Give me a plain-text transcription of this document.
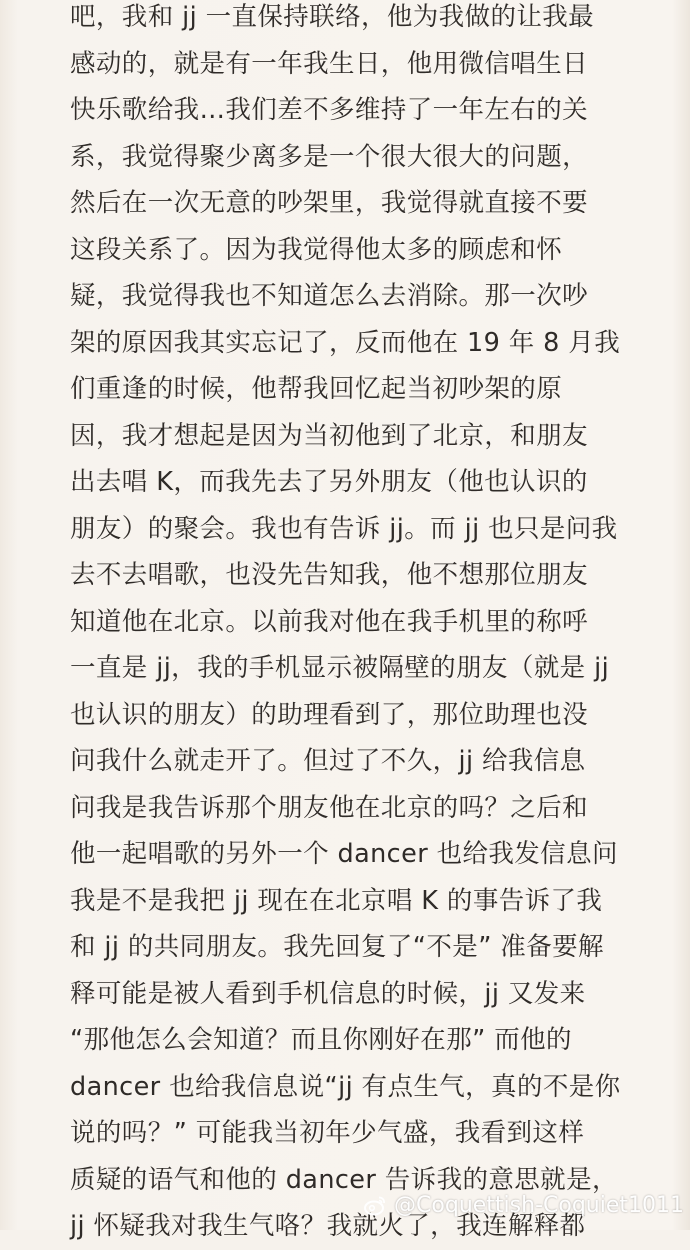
吧，我和 jj 一直保持联络，他为我做的让我最
感动的，就是有一年我生日，他用微信唱生日
快乐歌给我…我们差不多维持了一年左右的关
系，我觉得聚少离多是一个很大很大的问题，
然后在一次无意的吵架里，我觉得就直接不要
这段关系了。因为我觉得他太多的顾虑和怀
疑，我觉得我也不知道怎么去消除。那一次吵
架的原因我其实忘记了，反而他在 19 年 8 月我
们重逢的时候，他帮我回忆起当初吵架的原
因，我才想起是因为当初他到了北京，和朋友
出去唱 K，而我先去了另外朋友（他也认识的
朋友）的聚会。我也有告诉 jj。而 jj 也只是问我
去不去唱歌，也没先告知我，他不想那位朋友
知道他在北京。以前我对他在我手机里的称呼
一直是 jj，我的手机显示被隔壁的朋友（就是 jj
也认识的朋友）的助理看到了，那位助理也没
问我什么就走开了。但过了不久，jj 给我信息
问我是我告诉那个朋友他在北京的吗？之后和
他一起唱歌的另外一个 dancer 也给我发信息问
我是不是我把 jj 现在在北京唱 K 的事告诉了我
和 jj 的共同朋友。我先回复了“不是” 准备要解
释可能是被人看到手机信息的时候，jj 又发来
“那他怎么会知道？而且你刚好在那” 而他的
dancer 也给我信息说“jj 有点生气，真的不是你
说的吗？” 可能我当初年少气盛，我看到这样
质疑的语气和他的 dancer 告诉我的意思就是，
jj 怀疑我对我生气咯？我就火了，我连解释都
@Coquettish-Coquiet1011
